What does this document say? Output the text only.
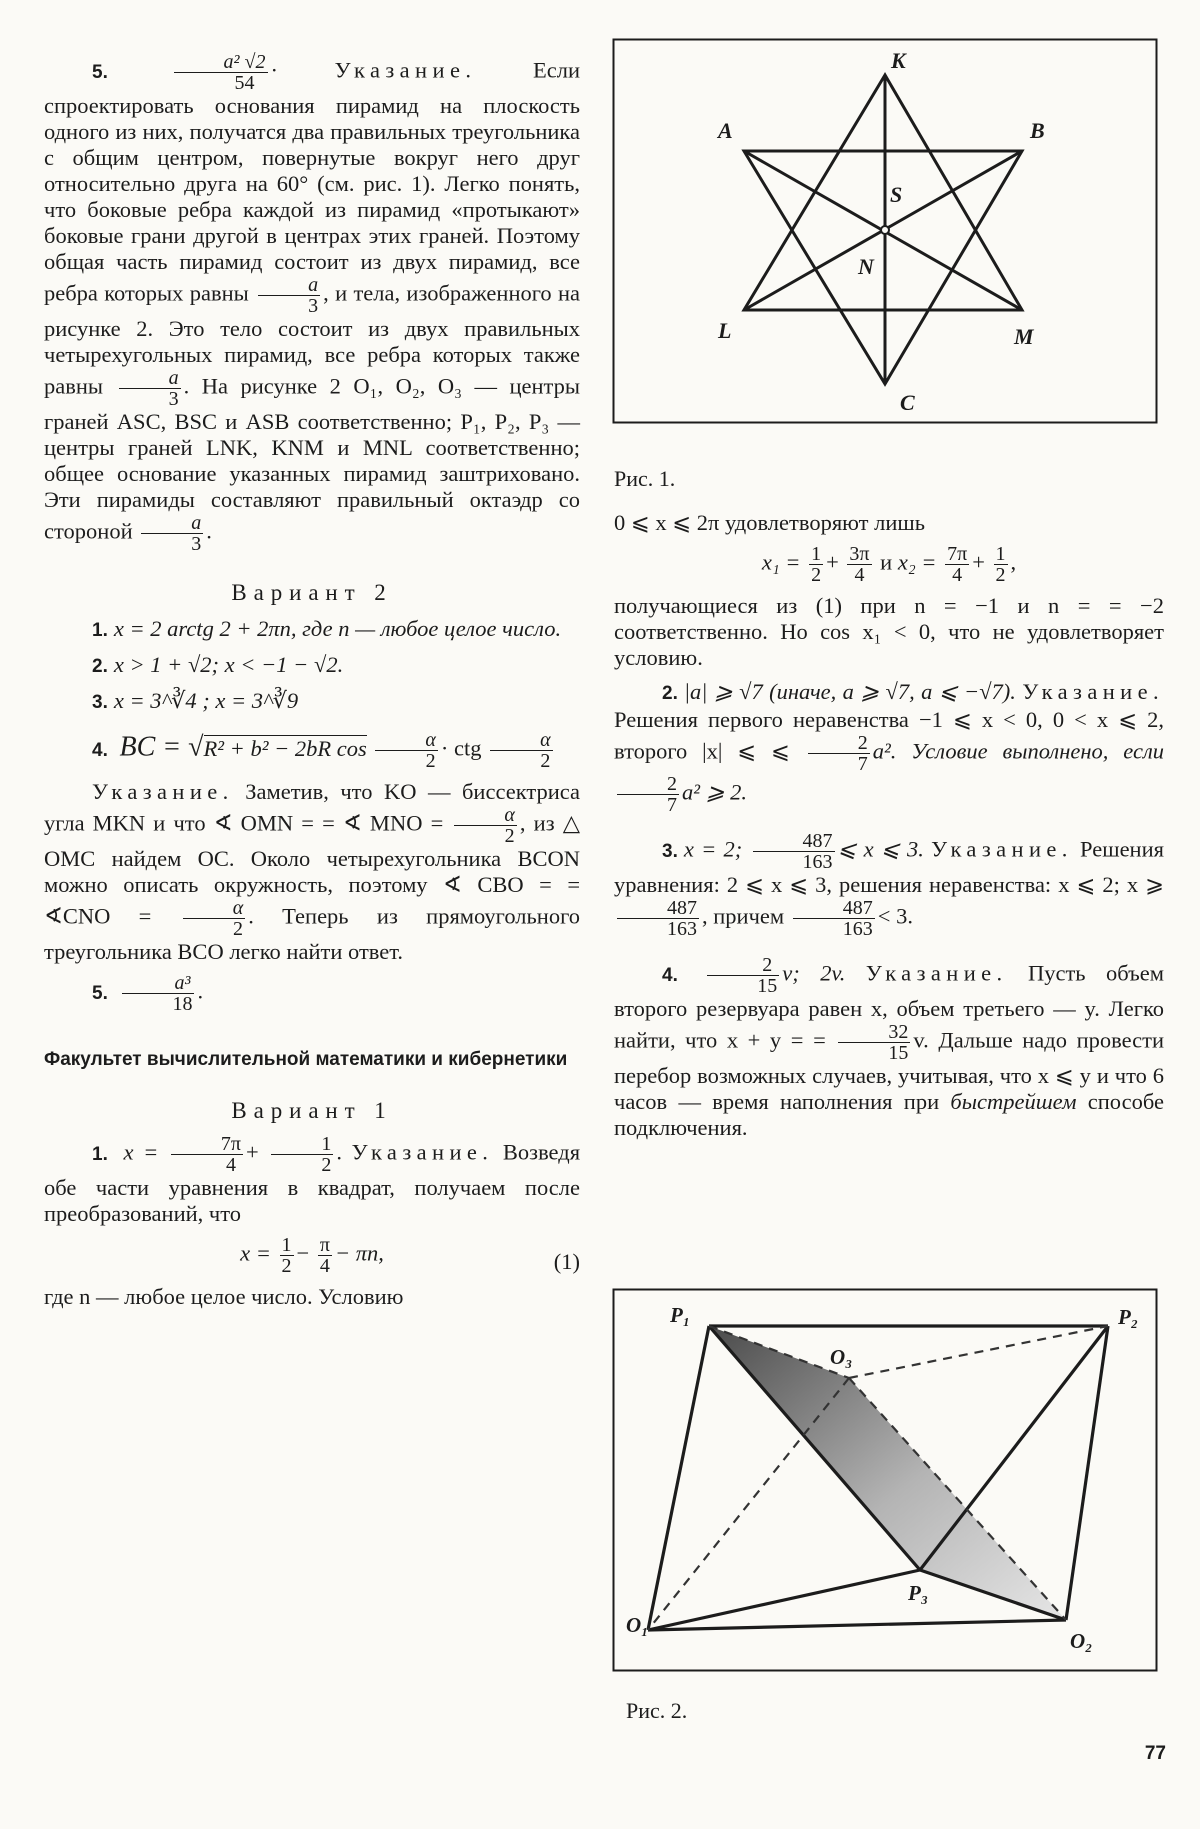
5.	$\frac{\text{a² √2}}{54}$ · Указание.	Если спроектировать основания пирамид на плоскость одного из них, получатся два правильных треугольника с общим центром, повернутые вокруг него друг относительно друга на 60° (см. рис. 1). Легко понять, что боковые ребра каждой из пирамид «протыкают» боковые грани другой в центрах этих граней. Поэтому общая часть пирамид состоит из двух пирамид, все ребра которых равны $\frac{a}{3}$ , и тела, изображенного на рисунке 2. Это тело состоит из двух правильных четырехугольных пирамид, все ребра которых также равны $\frac{a}{3}$ . На рисунке 2 O₁, O₂, O₃ — центры граней ASC, BSC и ASB соответственно; P₁, P₂, P₃ — центры граней LNK, KNM и MNL соответственно; общее основание указанных пирамид заштриховано. Эти пирамиды составляют правильный октаэдр со стороной $\frac{a}{3}$ .

Вариант 2

1. x = 2 arctg 2 + 2πn, где n — любое целое число.

2. x > 1 + √2; x < −1 − √2.

3. x = 3^∛4 ; x = 3^∛9

4. BC = √R² + b² − 2bR $\cos \frac{\alpha}{2}$ · ctg $\frac{\alpha}{2}$

Указание. Заметив, что KO — биссектриса угла MKN и что ∢ OMN = = ∢ MNO = $\frac{\alpha}{2}$ , из △ OMC найдем OC. Около четырехугольника BCON можно описать окружность, поэтому ∢ CBO = = ∢CNO = $\frac{\alpha}{2}$ . Теперь из прямоугольного треугольника BCO легко найти ответ.

5. $\frac{\text{a³}}{18}$ .

Факультет вычислительной математики и кибернетики

Вариант 1

1. $x = \frac{7\pi}{4} + \frac{1}{2}$ . Указание. Возведя обе части уравнения в квадрат, получаем после преобразований, что

$x = \frac{1}{2} - \frac{\pi}{4} - \pi n$,	(1)

где n — любое целое число. Условию

K
A	B
S
N
L	M
C
Рис. 1.

0 ⩽ x ⩽ 2π удовлетворяют лишь

$x_1 = \frac{1}{2} + \frac{3\pi}{4}$ и $x_2 = \frac{7\pi}{4} + \frac{1}{2}$ ,

получающиеся из (1) при n = −1 и n = = −2 соответственно. Но cos x₁ < 0, что не удовлетворяет условию.

2. |a| ⩾ √7 (иначе, a ⩾ √7, a ⩽ −√7). Указание. Решения первого неравенства −1 ⩽ x < 0, 0 < x ⩽ 2, второго |x| ⩽ ⩽ $\frac{2}{7} a^2$. Условие выполнено, если
$\frac{2}{7} a^2$ ⩾ 2.

3. x = 2; $\frac{487}{163}$ ⩽ x ⩽ 3. Указание. Решения уравнения: 2 ⩽ x ⩽ 3, решения неравенства: x ⩽ 2; x ⩾
$\frac{487}{163}$ , причем $\frac{487}{163} < 3$.

4. $\frac{2}{15} v$; 2v. Указание. Пусть объем второго резервуара равен x, объем третьего — y. Легко найти, что x + y = = $\frac{32}{15} v$. Дальше надо провести перебор возможных случаев, учитывая, что x ⩽ y и что 6 часов — время наполнения при быстрейшем способе подключения.

P₁	P₂
O₃
P₃
O₁
O₂
Рис. 2.
77
